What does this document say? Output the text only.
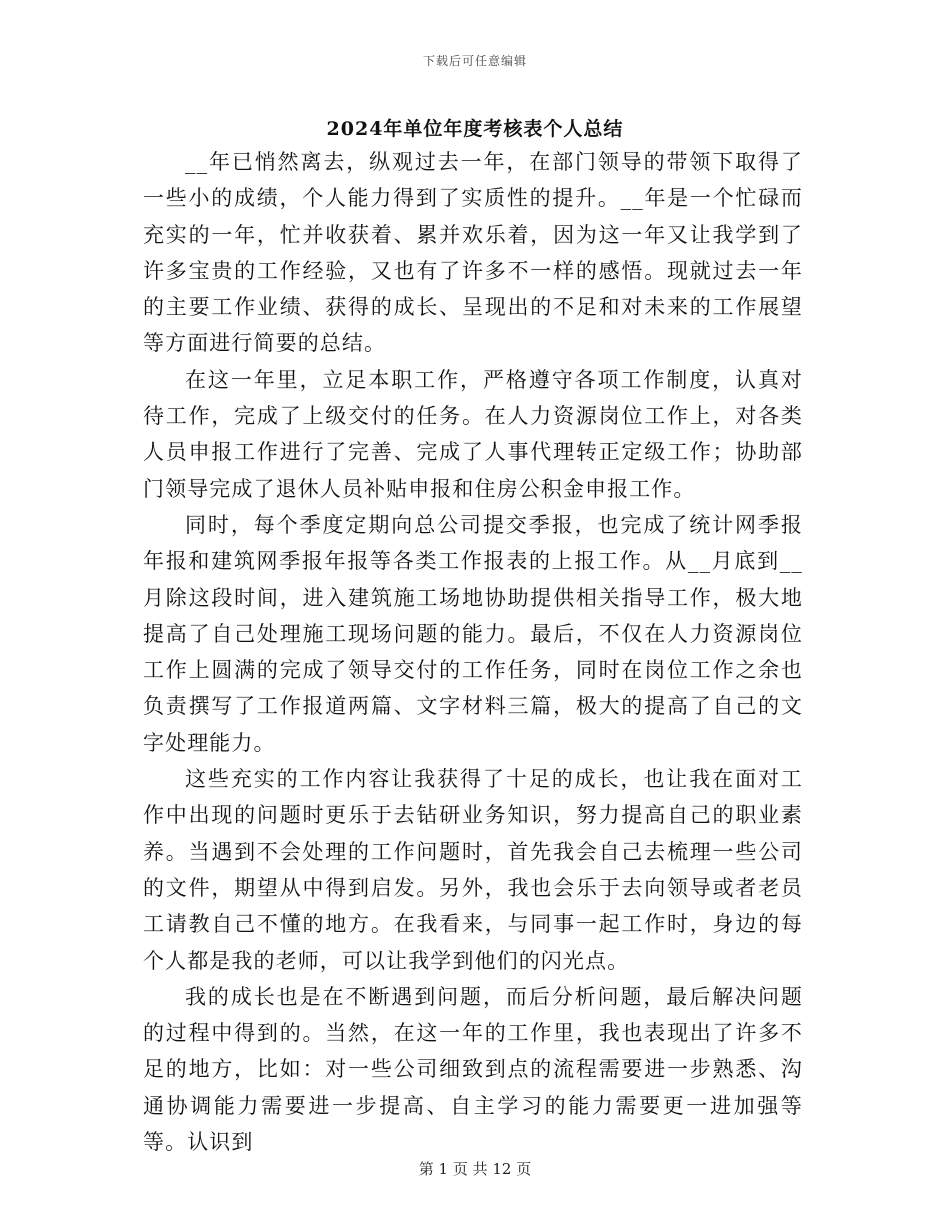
下载后可任意编辑
2024年单位年度考核表个人总结

__年已悄然离去，纵观过去一年，在部门领导的带领下取得了一些小的成绩，个人能力得到了实质性的提升。__年是一个忙碌而充实的一年，忙并收获着、累并欢乐着，因为这一年又让我学到了许多宝贵的工作经验，又也有了许多不一样的感悟。现就过去一年的主要工作业绩、获得的成长、呈现出的不足和对未来的工作展望等方面进行简要的总结。

在这一年里，立足本职工作，严格遵守各项工作制度，认真对待工作，完成了上级交付的任务。在人力资源岗位工作上，对各类人员申报工作进行了完善、完成了人事代理转正定级工作；协助部门领导完成了退休人员补贴申报和住房公积金申报工作。

同时，每个季度定期向总公司提交季报，也完成了统计网季报年报和建筑网季报年报等各类工作报表的上报工作。从__月底到__月除这段时间，进入建筑施工场地协助提供相关指导工作，极大地提高了自己处理施工现场问题的能力。最后，不仅在人力资源岗位工作上圆满的完成了领导交付的工作任务，同时在岗位工作之余也负责撰写了工作报道两篇、文字材料三篇，极大的提高了自己的文字处理能力。

这些充实的工作内容让我获得了十足的成长，也让我在面对工作中出现的问题时更乐于去钻研业务知识，努力提高自己的职业素养。当遇到不会处理的工作问题时，首先我会自己去梳理一些公司的文件，期望从中得到启发。另外，我也会乐于去向领导或者老员工请教自己不懂的地方。在我看来，与同事一起工作时，身边的每个人都是我的老师，可以让我学到他们的闪光点。

我的成长也是在不断遇到问题，而后分析问题，最后解决问题的过程中得到的。当然，在这一年的工作里，我也表现出了许多不足的地方，比如：对一些公司细致到点的流程需要进一步熟悉、沟通协调能力需要进一步提高、自主学习的能力需要更一进加强等等。认识到

第 1 页 共 12 页
